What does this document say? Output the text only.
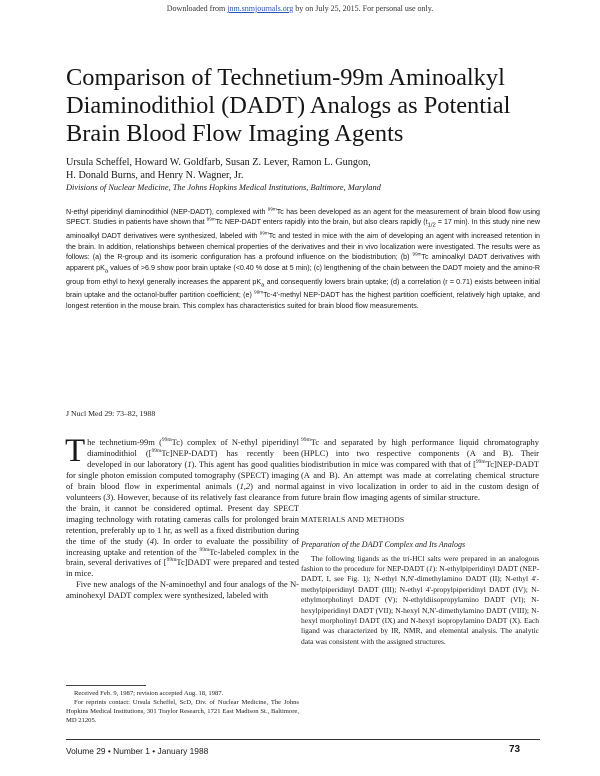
Downloaded from jnm.snmjournals.org by on July 25, 2015. For personal use only.
Comparison of Technetium-99m Aminoalkyl Diaminodithiol (DADT) Analogs as Potential Brain Blood Flow Imaging Agents
Ursula Scheffel, Howard W. Goldfarb, Susan Z. Lever, Ramon L. Gungon,
H. Donald Burns, and Henry N. Wagner, Jr.
Divisions of Nuclear Medicine, The Johns Hopkins Medical Institutions, Baltimore, Maryland

N-ethyl piperidinyl diaminodithiol (NEP-DADT), complexed with $^{99m}$Tc has been developed as an agent for the measurement of brain blood flow using SPECT. Studies in patients have shown that $^{99m}$Tc NEP-DADT enters rapidly into the brain, but also clears rapidly ($t_{1/2} = 17$ min). In this study nine new aminoalkyl DADT derivatives were synthesized, labeled with $^{99m}$Tc and tested in mice with the aim of developing an agent with increased retention in the brain. In addition, relationships between chemical properties of the derivatives and their in vivo localization were investigated. The results were as follows: (a) the R-group and its isomeric configuration has a profound influence on the biodistribution; (b) $^{99m}$Tc aminoalkyl DADT derivatives with apparent $pK_a$ values of >6.9 show poor brain uptake (<0.40 % dose at 5 min); (c) lengthening of the chain between the DADT moiety and the amino-R group from ethyl to hexyl generally increases the apparent $pK_a$ and consequently lowers brain uptake; (d) a correlation (r = 0.71) exists between initial brain uptake and the octanol-buffer partition coefficient; (e) $^{99m}$Tc-4'-methyl NEP-DADT has the highest partition coefficient, relatively high uptake, and longest retention in the mouse brain. This complex has characteristics suited for brain blood flow measurements.

J Nucl Med 29: 73–82, 1988

The technetium-99m ($^{99m}$Tc) complex of N-ethyl piperidinyl diaminodithiol ([$^{99m}$Tc]NEP-DADT) has recently been developed in our laboratory (1). This agent has good qualities for single photon emission computed tomography (SPECT) imaging of brain blood flow in experimental animals (1,2) and normal volunteers (3). However, because of its relatively fast clearance from the brain, it cannot be considered optimal. Present day SPECT imaging technology with rotating cameras calls for prolonged brain retention, preferably up to 1 hr, as well as a fixed distribution during the time of the study (4). In order to evaluate the possibility of increasing uptake and retention of the $^{99m}$Tc-labeled complex in the brain, several derivatives of [$^{99m}$Tc]DADT were prepared and tested in mice.

Five new analogs of the N-aminoethyl and four analogs of the N-aminohexyl DADT complex were synthesized, labeled with

$^{99m}$Tc and separated by high performance liquid chromatography (HPLC) into two respective components (A and B). Their biodistribution in mice was compared with that of [$^{99m}$Tc]NEP-DADT (A and B). An attempt was made at correlating chemical structure against in vivo localization in order to aid in the custom design of future brain flow imaging agents of similar structure.

MATERIALS AND METHODS

Preparation of the DADT Complex and Its Analogs

The following ligands as the tri-HCl salts were prepared in an analogous fashion to the procedure for NEP-DADT (1): N-ethylpiperidinyl DADT (NEP-DADT, I, see Fig. 1); N-ethyl N,N'-dimethylamino DADT (II); N-ethyl 4'-methylpiperidinyl DADT (III); N-ethyl 4'-propylpiperidinyl DADT (IV); N-ethylmorpholinyl DADT (V); N-ethyldiisopropylamino DADT (VI); N-hexylpiperidinyl DADT (VII); N-hexyl N,N'-dimethylamino DADT (VIII); N-hexyl morpholinyl DADT (IX) and N-hexyl isopropylamino DADT (X). Each ligand was characterized by IR, NMR, and elemental analysis. The analytic data was consistent with the assigned structures.

Received Feb. 9, 1987; revision accepted Aug. 18, 1987.

For reprints contact: Ursula Scheffel, ScD, Div. of Nuclear Medicine, The Johns Hopkins Medical Institutions, 301 Traylor Research, 1721 East Madison St., Baltimore, MD 21205.

Volume 29 • Number 1 • January 1988	73
